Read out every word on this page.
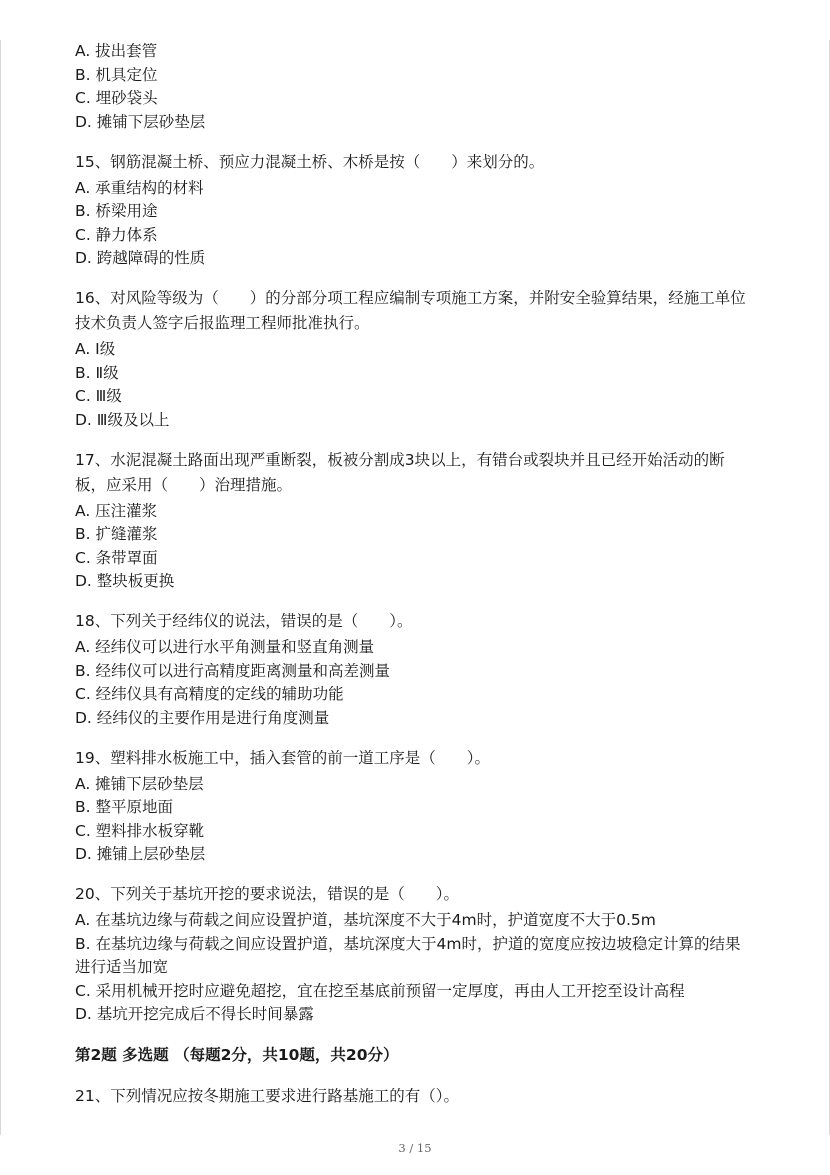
A. 拔出套管

B. 机具定位

C. 埋砂袋头

D. 摊铺下层砂垫层

15、钢筋混凝土桥、预应力混凝土桥、木桥是按（　　）来划分的。

A. 承重结构的材料

B. 桥梁用途

C. 静力体系

D. 跨越障碍的性质

16、对风险等级为（　　）的分部分项工程应编制专项施工方案，并附安全验算结果，经施工单位技术负责人签字后报监理工程师批准执行。

A. Ⅰ级

B. Ⅱ级

C. Ⅲ级

D. Ⅲ级及以上

17、水泥混凝土路面出现严重断裂，板被分割成3块以上，有错台或裂块并且已经开始活动的断板，应采用（　　）治理措施。

A. 压注灌浆

B. 扩缝灌浆

C. 条带罩面

D. 整块板更换

18、下列关于经纬仪的说法，错误的是（　　）。

A. 经纬仪可以进行水平角测量和竖直角测量

B. 经纬仪可以进行高精度距离测量和高差测量

C. 经纬仪具有高精度的定线的辅助功能

D. 经纬仪的主要作用是进行角度测量

19、塑料排水板施工中，插入套管的前一道工序是（　　）。

A. 摊铺下层砂垫层

B. 整平原地面

C. 塑料排水板穿靴

D. 摊铺上层砂垫层

20、下列关于基坑开挖的要求说法，错误的是（　　）。

A. 在基坑边缘与荷载之间应设置护道，基坑深度不大于4m时，护道宽度不大于0.5m

B. 在基坑边缘与荷载之间应设置护道，基坑深度大于4m时，护道的宽度应按边坡稳定计算的结果进行适当加宽

C. 采用机械开挖时应避免超挖，宜在挖至基底前预留一定厚度，再由人工开挖至设计高程

D. 基坑开挖完成后不得长时间暴露

第2题 多选题 （每题2分，共10题，共20分）

21、下列情况应按冬期施工要求进行路基施工的有（）。

3 / 15
